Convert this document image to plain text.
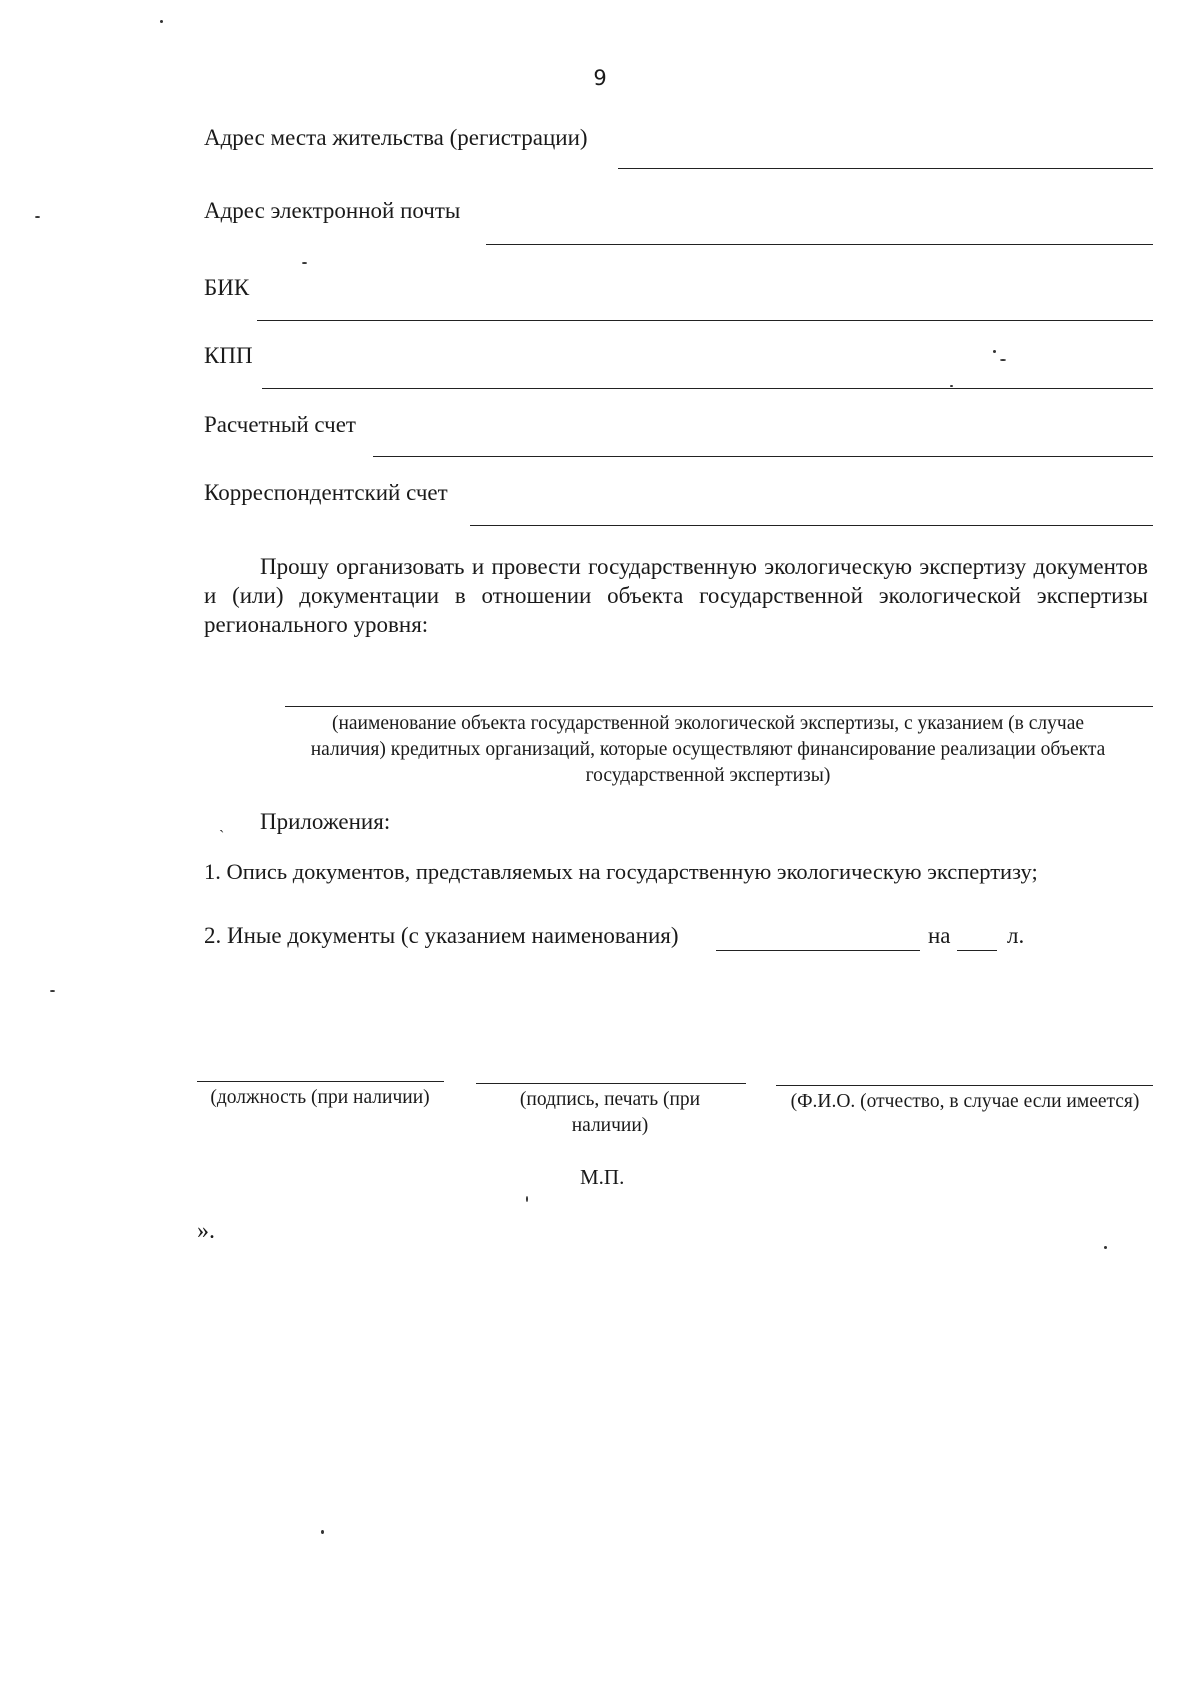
9
Адрес места жительства (регистрации)
Адрес электронной почты
БИК
КПП
Расчетный счет
Корреспондентский счет
Прошу организовать и провести государственную экологическую экспертизу документов и (или) документации в отношении объекта государственной экологической экспертизы регионального уровня:
(наименование объекта государственной экологической экспертизы, с указанием (в случае наличия) кредитных организаций, которые осуществляют финансирование реализации объекта государственной экспертизы)
ˏ Приложения:
1. Опись документов, представляемых на государственную экологическую экспертизу;
2. Иные документы (с указанием наименования)	на л.
(должность (при наличии)	(подпись, печать (при наличии)
(Ф.И.О. (отчество, в случае если имеется)
М.П.
».
